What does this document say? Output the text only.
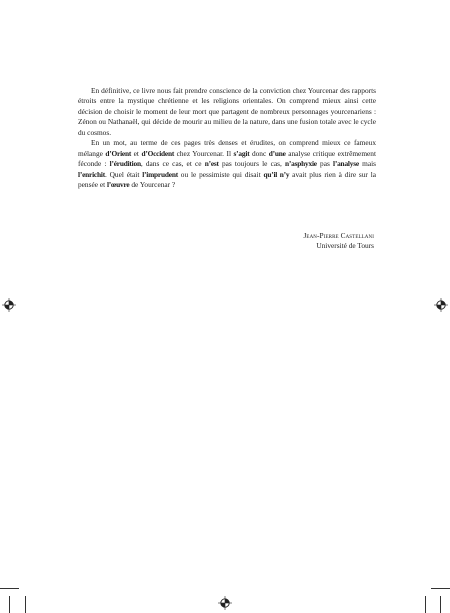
En définitive, ce livre nous fait prendre conscience de la conviction chez Yourcenar des rapports étroits entre la mystique chrétienne et les religions orientales. On comprend mieux ainsi cette décision de choisir le moment de leur mort que partagent de nombreux personnages yourcenariens : Zénon ou Nathanaël, qui décide de mourir au milieu de la nature, dans une fusion totale avec le cycle du cosmos.

En un mot, au terme de ces pages très denses et érudites, on comprend mieux ce fameux mélange d’Orient et d’Occident chez Yourcenar. Il s’agit donc d’une analyse critique extrêmement féconde : l’érudition, dans ce cas, et ce n’est pas toujours le cas, n’asphyxie pas l’analyse mais l’enrichit. Quel était l’imprudent ou le pessimiste qui disait qu’il n’y avait plus rien à dire sur la pensée et l’œuvre de Yourcenar ?

Jean-Pierre Castellani
Université de Tours
